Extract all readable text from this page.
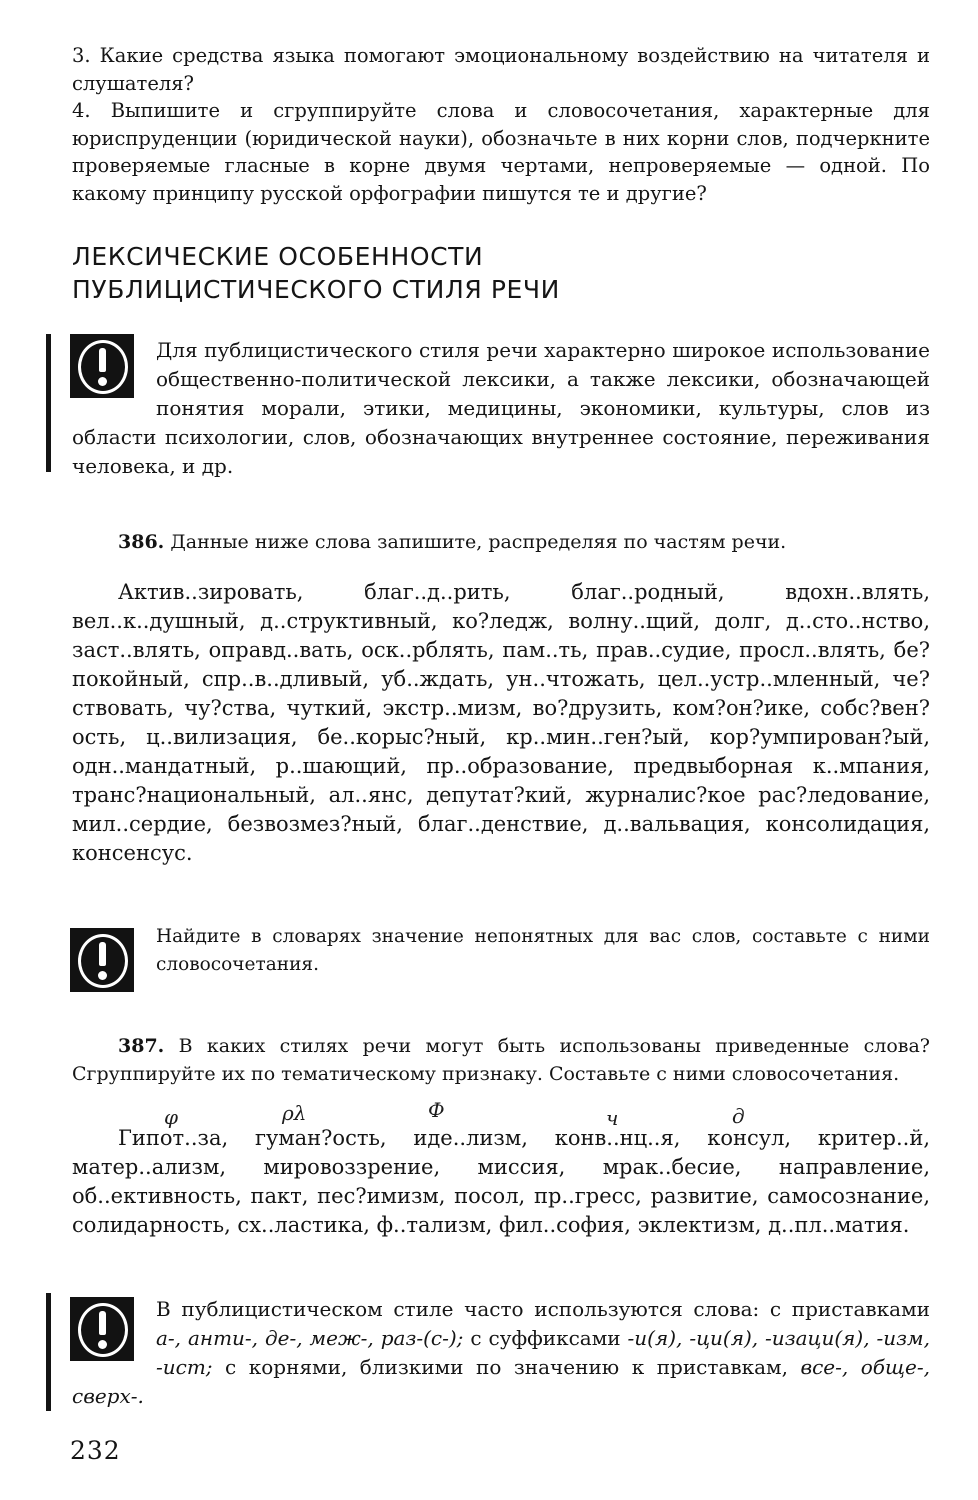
3. Какие средства языка помогают эмоциональному воздействию на читателя и слушателя?

4. Выпишите и сгруппируйте слова и словосочетания, характерные для юриспруденции (юридической науки), обозначьте в них корни слов, подчеркните проверяемые гласные в корне двумя чертами, непроверяемые — одной. По какому принципу русской орфографии пишутся те и другие?

ЛЕКСИЧЕСКИЕ ОСОБЕННОСТИ
ПУБЛИЦИСТИЧЕСКОГО СТИЛЯ РЕЧИ

Для публицистического стиля речи характерно широкое использование общественно-политической лексики, а также лексики, обозначающей понятия морали, этики, медицины, экономики, культуры, слов из области психологии, слов, обозначающих внутреннее состояние, переживания человека, и др.

386. Данные ниже слова запишите, распределяя по частям речи.

Актив..зировать, благ..д..рить, благ..родный, вдохн..влять, вел..к..душный, д..структивный, ко?ледж, волну..щий, долг, д..сто..нство, заст..влять, оправд..вать, оск..рблять, пам..ть, прав..судие, просл..влять, бе?покойный, спр..в..дливый, уб..ждать, ун..чтожать, цел..устр..мленный, че?ствовать, чу?ства, чуткий, экстр..мизм, во?друзить, ком?он?ике, собс?вен?ость, ц..вилизация, бе..корыс?ный, кр..мин..ген?ый, кор?умпирован?ый, одн..мандатный, р..шающий, пр..образование, предвыборная к..мпания, транс?национальный, ал..янс, депутат?кий, журналис?кое рас?ледование, мил..сердие, безвозмез?ный, благ..денствие, д..вальвация, консолидация, консенсус.

Найдите в словарях значение непонятных для вас слов, составьте с ними словосочетания.

387. В каких стилях речи могут быть использованы приведенные слова? Сгруппируйте их по тематическому признаку. Составьте с ними словосочетания.

Гипот..за, гуман?ость, иде..лизм, конв..нц..я, консул, критер..й, матер..ализм, мировоззрение, миссия, мрак..бесие, направление, об..ективность, пакт, пес?имизм, посол, пр..гресс, развитие, самосознание, солидарность, сх..ластика, ф..тализм, фил..софия, эклектизм, д..пл..матия.

φ	ρλ	Ф	ч	д

В публицистическом стиле часто используются слова: с приставками а-, анти-, де-, меж-, раз-(с-); с суффиксами -и(я), -ци(я), -изаци(я), -изм, -ист; с корнями, близкими по значению к приставкам, все-, обще-, сверх-.

232
